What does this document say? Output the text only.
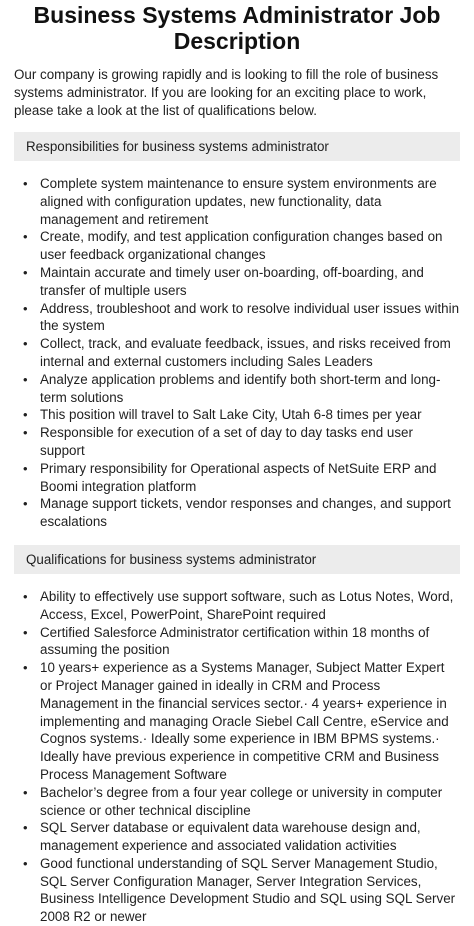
Business Systems Administrator Job Description

Our company is growing rapidly and is looking to fill the role of business systems administrator. If you are looking for an exciting place to work, please take a look at the list of qualifications below.

Responsibilities for business systems administrator
• Complete system maintenance to ensure system environments are aligned with configuration updates, new functionality, data management and retirement
• Create, modify, and test application configuration changes based on user feedback organizational changes
• Maintain accurate and timely user on-boarding, off-boarding, and transfer of multiple users
• Address, troubleshoot and work to resolve individual user issues within the system
• Collect, track, and evaluate feedback, issues, and risks received from internal and external customers including Sales Leaders
• Analyze application problems and identify both short-term and long-term solutions
• This position will travel to Salt Lake City, Utah 6-8 times per year
• Responsible for execution of a set of day to day tasks end user support
• Primary responsibility for Operational aspects of NetSuite ERP and Boomi integration platform
• Manage support tickets, vendor responses and changes, and support escalations
Qualifications for business systems administrator
• Ability to effectively use support software, such as Lotus Notes, Word, Access, Excel, PowerPoint, SharePoint required
• Certified Salesforce Administrator certification within 18 months of assuming the position
• 10 years+ experience as a Systems Manager, Subject Matter Expert or Project Manager gained in ideally in CRM and Process Management in the financial services sector.· 4 years+ experience in implementing and managing Oracle Siebel Call Centre, eService and Cognos systems.· Ideally some experience in IBM BPMS systems.· Ideally have previous experience in competitive CRM and Business Process Management Software
• Bachelor’s degree from a four year college or university in computer science or other technical discipline
• SQL Server database or equivalent data warehouse design and, management experience and associated validation activities
• Good functional understanding of SQL Server Management Studio, SQL Server Configuration Manager, Server Integration Services, Business Intelligence Development Studio and SQL using SQL Server 2008 R2 or newer
